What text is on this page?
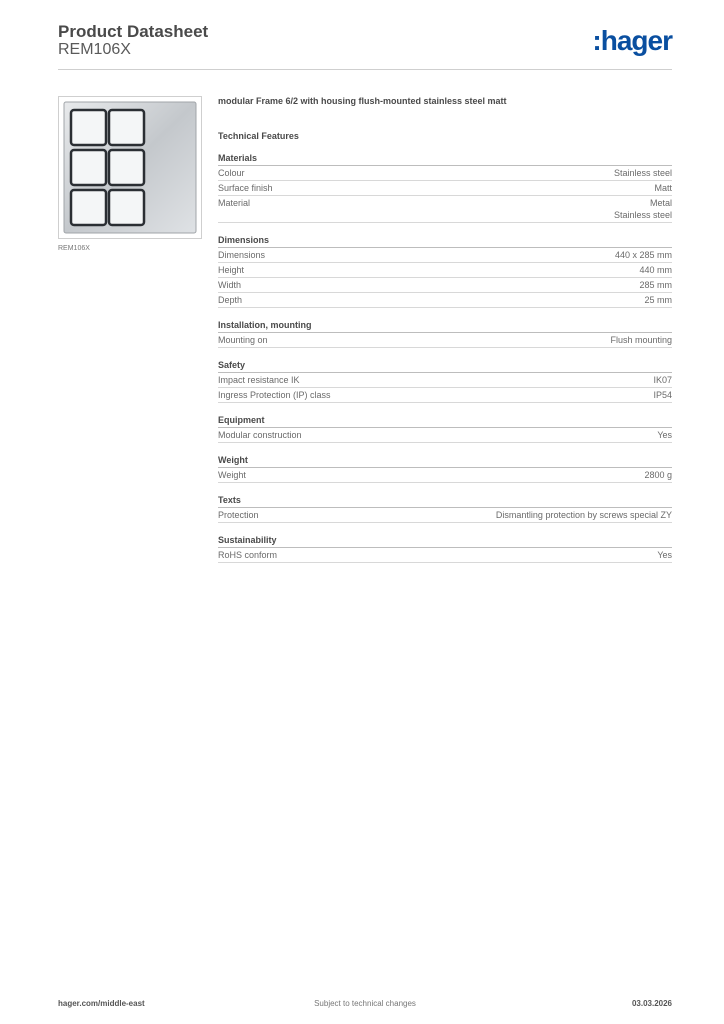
Product Datasheet
REM106X	:hager
REM106X
modular Frame 6/2 with housing flush-mounted stainless steel matt
Technical Features
Materials
Colour	Stainless steel
Surface finish	Matt
Material	Metal
Stainless steel
Dimensions
Dimensions	440 x 285 mm
Height	440 mm
Width	285 mm
Depth	25 mm
Installation, mounting
Mounting on	Flush mounting
Safety
Impact resistance IK	IK07
Ingress Protection (IP) class	IP54
Equipment
Modular construction	Yes
Weight
Weight	2800 g
Texts
Protection	Dismantling protection by screws special ZY
Sustainability
RoHS conform	Yes
hager.com/middle-east	Subject to technical changes	03.03.2026
